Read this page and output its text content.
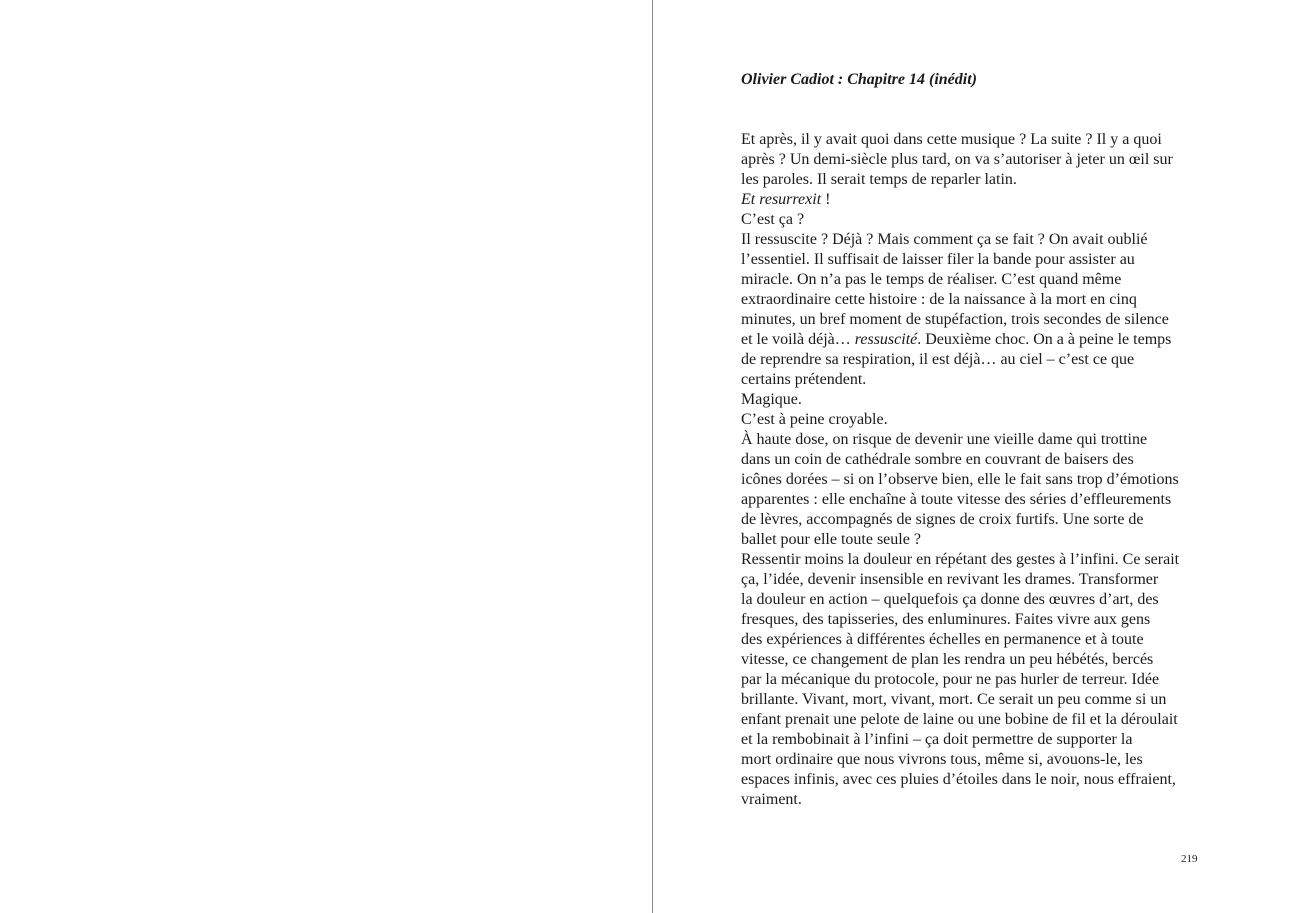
Olivier Cadiot : Chapitre 14 (inédit)
Et après, il y avait quoi dans cette musique ? La suite ? Il y a quoi
après ? Un demi-siècle plus tard, on va s’autoriser à jeter un œil sur
les paroles. Il serait temps de reparler latin.
Et resurrexit !
C’est ça ?
Il ressuscite ? Déjà ? Mais comment ça se fait ? On avait oublié
l’essentiel. Il suffisait de laisser filer la bande pour assister au
miracle. On n’a pas le temps de réaliser. C’est quand même
extraordinaire cette histoire : de la naissance à la mort en cinq
minutes, un bref moment de stupéfaction, trois secondes de silence
et le voilà déjà… ressuscité. Deuxième choc. On a à peine le temps
de reprendre sa respiration, il est déjà… au ciel – c’est ce que
certains prétendent.
Magique.
C’est à peine croyable.
À haute dose, on risque de devenir une vieille dame qui trottine
dans un coin de cathédrale sombre en couvrant de baisers des
icônes dorées – si on l’observe bien, elle le fait sans trop d’émotions
apparentes : elle enchaîne à toute vitesse des séries d’effleurements
de lèvres, accompagnés de signes de croix furtifs. Une sorte de
ballet pour elle toute seule ?
Ressentir moins la douleur en répétant des gestes à l’infini. Ce serait
ça, l’idée, devenir insensible en revivant les drames. Transformer
la douleur en action – quelquefois ça donne des œuvres d’art, des
fresques, des tapisseries, des enluminures. Faites vivre aux gens
des expériences à différentes échelles en permanence et à toute
vitesse, ce changement de plan les rendra un peu hébétés, bercés
par la mécanique du protocole, pour ne pas hurler de terreur. Idée
brillante. Vivant, mort, vivant, mort. Ce serait un peu comme si un
enfant prenait une pelote de laine ou une bobine de fil et la déroulait
et la rembobinait à l’infini – ça doit permettre de supporter la
mort ordinaire que nous vivrons tous, même si, avouons-le, les
espaces infinis, avec ces pluies d’étoiles dans le noir, nous effraient,
vraiment.
219
